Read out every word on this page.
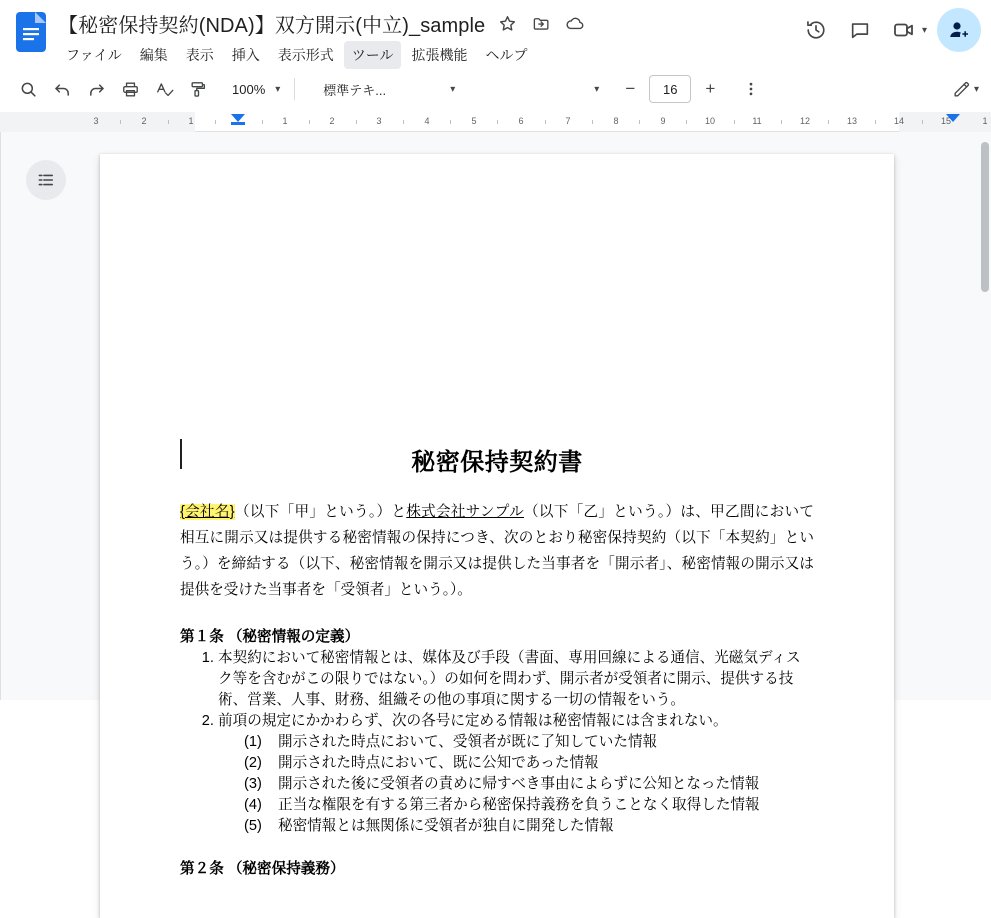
【秘密保持契約(NDA)】双方開示(中立)_sample
ファイル	編集	表示	挿入	表示形式	ツール	拡張機能	ヘルプ
▾
100% ▾	標準テキ...	▾	▾	−	16	+	▾
3	2	1	1	2	3	4	5	6	7	8	9	10	11	12	13	14	15	1
秘密保持契約書

{会社名}（以下「甲」という。）と株式会社サンプル（以下「乙」という。）は、甲乙間において相互に開示又は提供する秘密情報の保持につき、次のとおり秘密保持契約（以下「本契約」という。）を締結する（以下、秘密情報を開示又は提供した当事者を「開示者」、秘密情報の開示又は提供を受けた当事者を「受領者」という。）。

第１条 （秘密情報の定義）

1. 本契約において秘密情報とは、媒体及び手段（書面、専用回線による通信、光磁気ディスク等を含むがこの限りではない。）の如何を問わず、開示者が受領者に開示、提供する技術、営業、人事、財務、組織その他の事項に関する一切の情報をいう。
2. 前項の規定にかかわらず、次の各号に定める情報は秘密情報には含まれない。
(1)	開示された時点において、受領者が既に了知していた情報
(2)	開示された時点において、既に公知であった情報
(3)	開示された後に受領者の責めに帰すべき事由によらずに公知となった情報
(4)	正当な権限を有する第三者から秘密保持義務を負うことなく取得した情報
(5)	秘密情報とは無関係に受領者が独自に開発した情報

第２条 （秘密保持義務）
